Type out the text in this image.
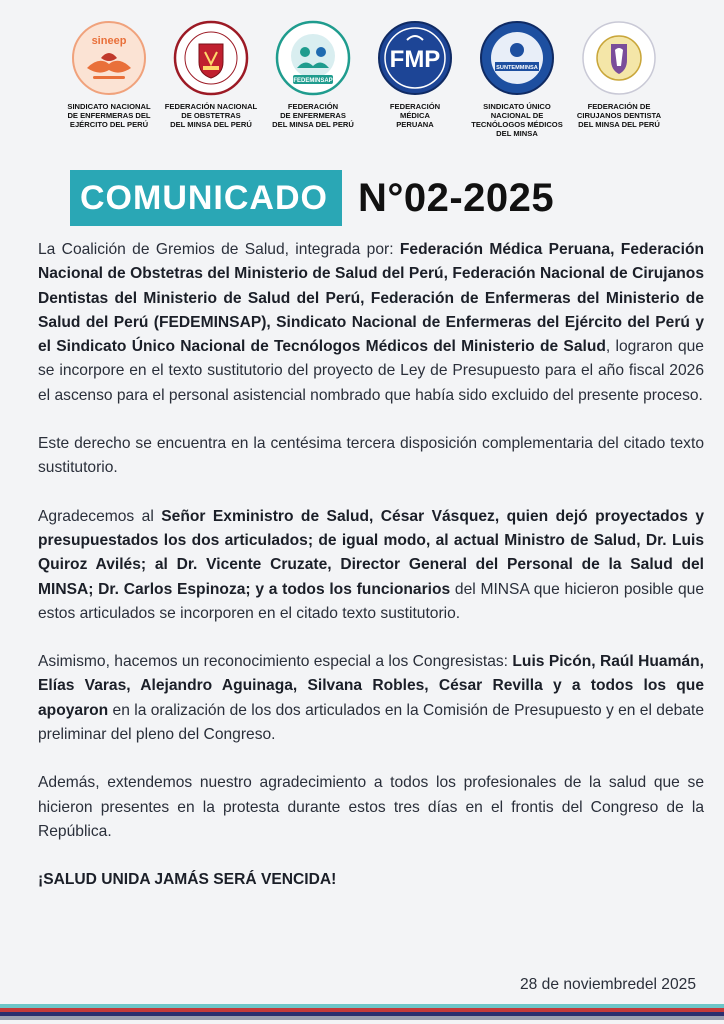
sineep
SINDICATO NACIONAL
DE ENFERMERAS DEL
EJÉRCITO DEL PERÚ
FEDERACIÓN NACIONAL
DE OBSTETRAS
DEL MINSA DEL PERÚ
FEDEMINSAP
FEDERACIÓN
DE ENFERMERAS
DEL MINSA DEL PERÚ
FMP
FEDERACIÓN
MÉDICA
PERUANA
SUNTEMMINSA
SINDICATO ÚNICO
NACIONAL DE
TECNÓLOGOS MÉDICOS
DEL MINSA
FEDERACIÓN DE
CIRUJANOS DENTISTA
DEL MINSA DEL PERÚ
COMUNICADO N°02-2025

La Coalición de Gremios de Salud, integrada por: Federación Médica Peruana, Federación Nacional de Obstetras del Ministerio de Salud del Perú, Federación Nacional de Cirujanos Dentistas del Ministerio de Salud del Perú, Federación de Enfermeras del Ministerio de Salud del Perú (FEDEMINSAP), Sindicato Nacional de Enfermeras del Ejército del Perú y el Sindicato Único Nacional de Tecnólogos Médicos del Ministerio de Salud, lograron que se incorpore en el texto sustitutorio del proyecto de Ley de Presupuesto para el año fiscal 2026 el ascenso para el personal asistencial nombrado que había sido excluido del presente proceso.

Este derecho se encuentra en la centésima tercera disposición complementaria del citado texto sustitutorio.

Agradecemos al Señor Exministro de Salud, César Vásquez, quien dejó proyectados y presupuestados los dos articulados; de igual modo, al actual Ministro de Salud, Dr. Luis Quiroz Avilés; al Dr. Vicente Cruzate, Director General del Personal de la Salud del MINSA; Dr. Carlos Espinoza; y a todos los funcionarios del MINSA que hicieron posible que estos articulados se incorporen en el citado texto sustitutorio.

Asimismo, hacemos un reconocimiento especial a los Congresistas: Luis Picón, Raúl Huamán, Elías Varas, Alejandro Aguinaga, Silvana Robles, César Revilla y a todos los que apoyaron en la oralización de los dos articulados en la Comisión de Presupuesto y en el debate preliminar del pleno del Congreso.

Además, extendemos nuestro agradecimiento a todos los profesionales de la salud que se hicieron presentes en la protesta durante estos tres días en el frontis del Congreso de la República.

¡SALUD UNIDA JAMÁS SERÁ VENCIDA!
28 de noviembredel 2025
